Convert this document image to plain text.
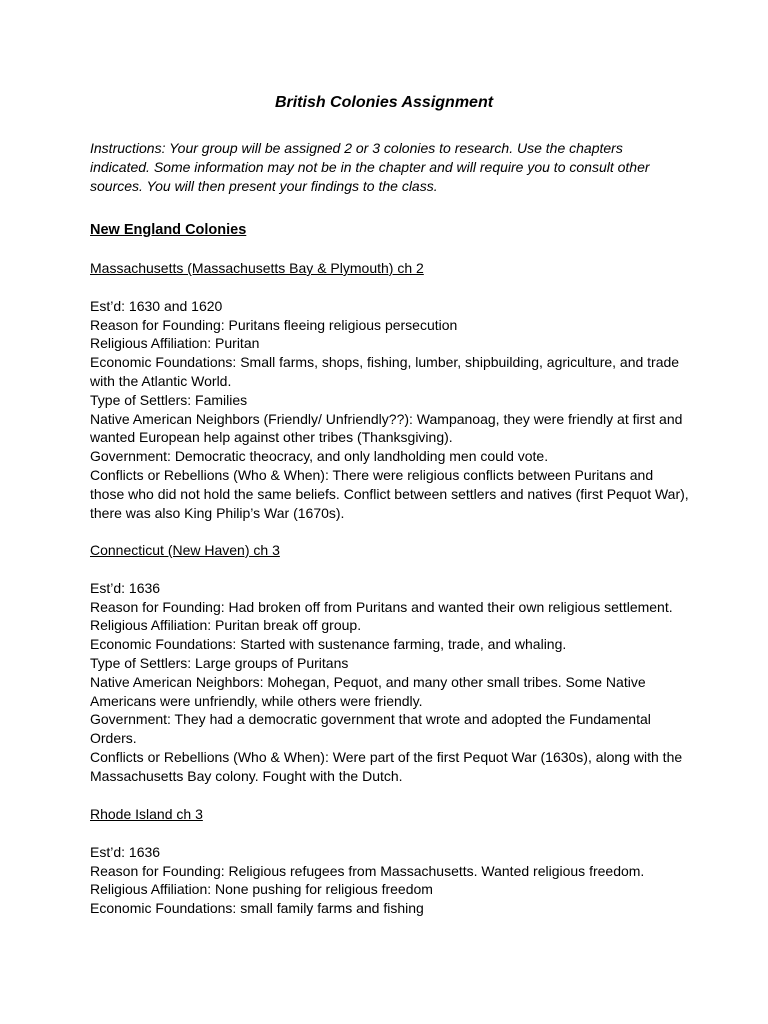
British Colonies Assignment

Instructions: Your group will be assigned 2 or 3 colonies to research. Use the chapters
indicated. Some information may not be in the chapter and will require you to consult other
sources. You will then present your findings to the class.

New England Colonies

Massachusetts (Massachusetts Bay & Plymouth) ch 2

Est’d: 1630 and 1620

Reason for Founding: Puritans fleeing religious persecution

Religious Affiliation: Puritan

Economic Foundations: Small farms, shops, fishing, lumber, shipbuilding, agriculture, and trade with the Atlantic World.

Type of Settlers: Families

Native American Neighbors (Friendly/ Unfriendly??): Wampanoag, they were friendly at first and wanted European help against other tribes (Thanksgiving).

Government: Democratic theocracy, and only landholding men could vote.

Conflicts or Rebellions (Who & When): There were religious conflicts between Puritans and those who did not hold the same beliefs. Conflict between settlers and natives (first Pequot War), there was also King Philip’s War (1670s).

Connecticut (New Haven) ch 3

Est’d: 1636

Reason for Founding: Had broken off from Puritans and wanted their own religious settlement.

Religious Affiliation: Puritan break off group.

Economic Foundations: Started with sustenance farming, trade, and whaling.

Type of Settlers: Large groups of Puritans

Native American Neighbors: Mohegan, Pequot, and many other small tribes. Some Native Americans were unfriendly, while others were friendly.

Government: They had a democratic government that wrote and adopted the Fundamental Orders.

Conflicts or Rebellions (Who & When): Were part of the first Pequot War (1630s), along with the Massachusetts Bay colony. Fought with the Dutch.

Rhode Island ch 3

Est’d: 1636

Reason for Founding: Religious refugees from Massachusetts. Wanted religious freedom.

Religious Affiliation: None pushing for religious freedom

Economic Foundations: small family farms and fishing
